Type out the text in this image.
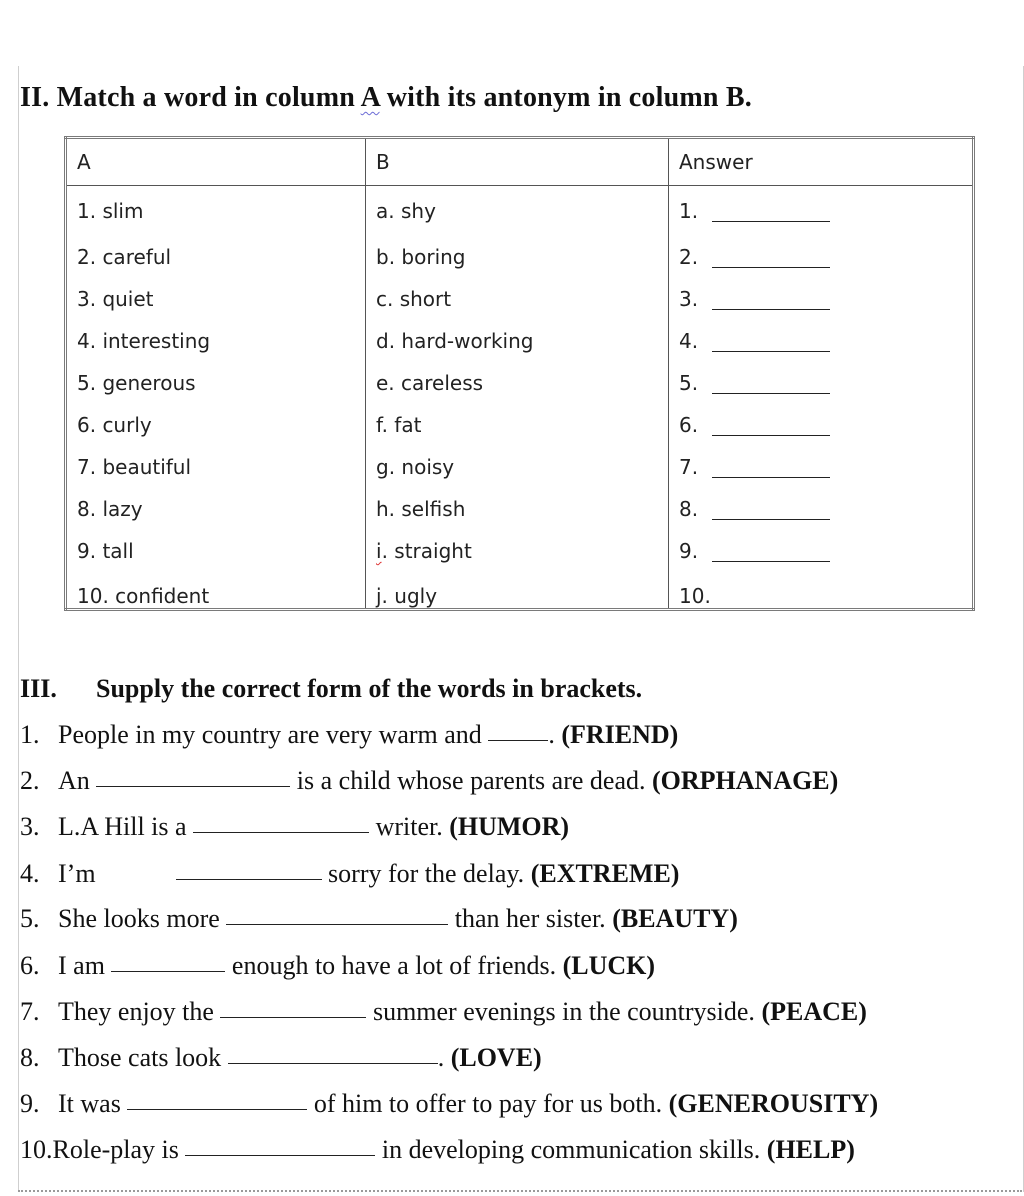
II. Match a word in column A with its antonym in column B.
A	B	Answer
1. slim	a. shy	1.
2. careful	b. boring	2.
3. quiet	c. short	3.
4. interesting	d. hard-working	4.
5. generous	e. careless	5.
6. curly	f. fat	6.
7. beautiful	g. noisy	7.
8. lazy	h. selfish	8.
9. tall	i. straight	9.
10. confident	j. ugly	10.
III. Supply the correct form of the words in brackets.
1. People in my country are very warm and . (FRIEND)
2. An	is a child whose parents are dead. (ORPHANAGE)
3. L.A Hill is a	writer. (HUMOR)
4. I’m	sorry for the delay. (EXTREME)
5. She looks more	than her sister. (BEAUTY)
6. I am	enough to have a lot of friends. (LUCK)
7. They enjoy the	summer evenings in the countryside. (PEACE)
8. Those cats look	. (LOVE)
9. It was	of him to offer to pay for us both. (GENEROUSITY)
10.Role-play is	in developing communication skills. (HELP)
